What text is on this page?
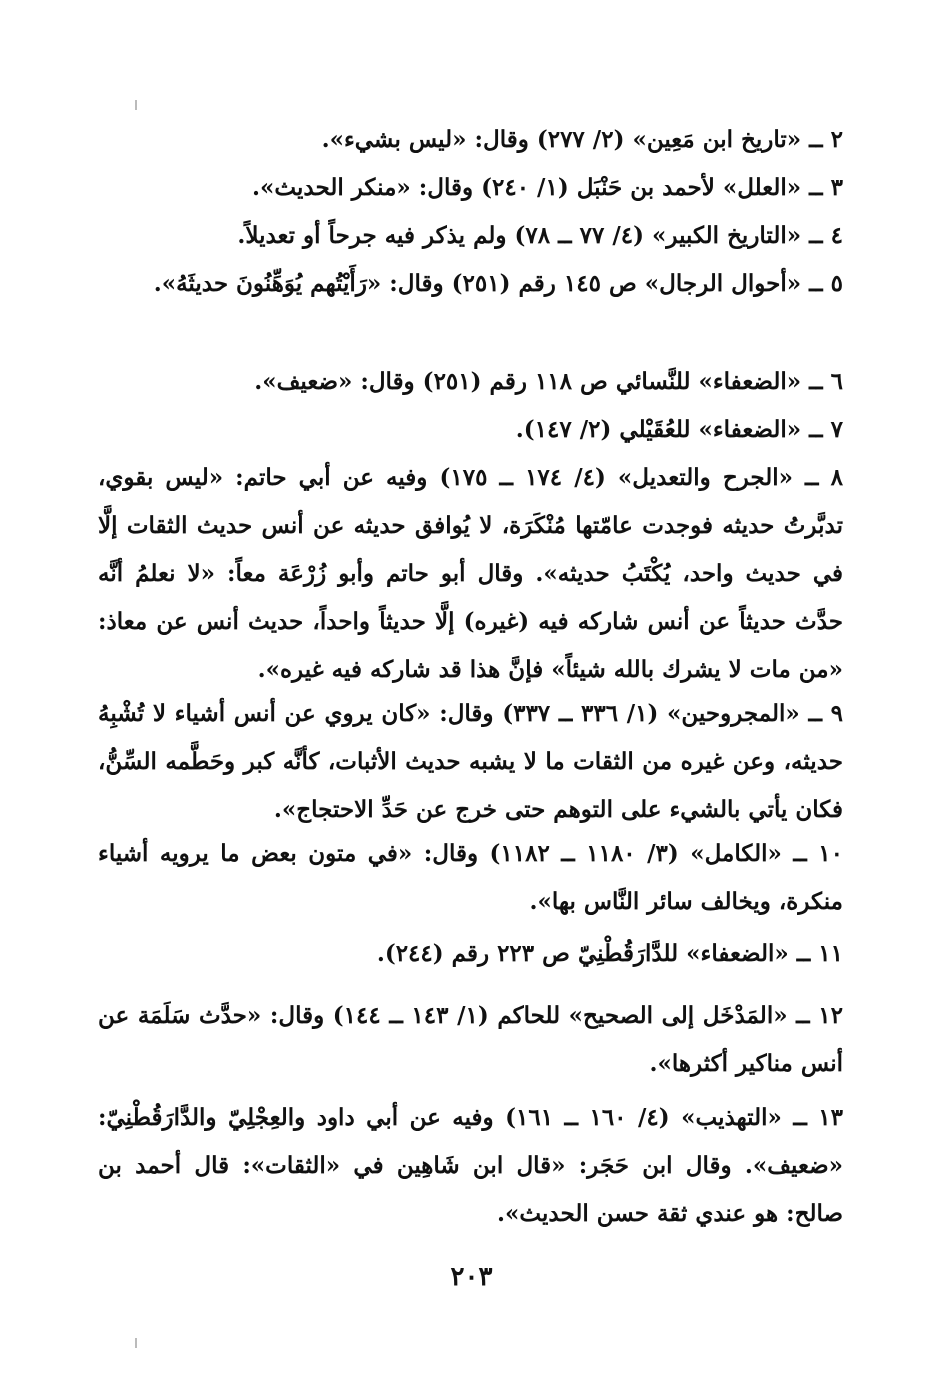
٢ ــ «تاريخ ابن مَعِين» (٢/ ٢٧٧) وقال: «ليس بشيء».

٣ ــ «العلل» لأحمد بن حَنْبَل (١/ ٢٤٠) وقال: «منكر الحديث».

٤ ــ «التاريخ الكبير» (٤/ ٧٧ ــ ٧٨) ولم يذكر فيه جرحاً أو تعديلاً.

٥ ــ «أحوال الرجال» ص ١٤٥ رقم (٢٥١) وقال: «رَأَيْتُهم يُوَهِّنُونَ حديثَهُ».

٦ ــ «الضعفاء» للنَّسائي ص ١١٨ رقم (٢٥١) وقال: «ضعيف».

٧ ــ «الضعفاء» للعُقَيْلي (٢/ ١٤٧).

٨ ــ «الجرح والتعديل» (٤/ ١٧٤ ــ ١٧٥) وفيه عن أبي حاتم: «ليس بقوي، تدبَّرتُ حديثه فوجدت عامّتها مُنْكَرَة، لا يُوافق حديثه عن أنس حديث الثقات إلَّا في حديث واحد، يُكْتَبُ حديثه». وقال أبو حاتم وأبو زُرْعَة معاً: «لا نعلمُ أنَّه حدَّث حديثاً عن أنس شاركه فيه (غيره) إلَّا حديثاً واحداً، حديث أنس عن معاذ: «من مات لا يشرك بالله شيئاً» فإنَّ هذا قد شاركه فيه غيره».

٩ ــ «المجروحين» (١/ ٣٣٦ ــ ٣٣٧) وقال: «كان يروي عن أنس أشياء لا تُشْبِهُ حديثه، وعن غيره من الثقات ما لا يشبه حديث الأثبات، كأنَّه كبر وحَطَّمه السِّنُّ، فكان يأتي بالشيء على التوهم حتى خرج عن حَدِّ الاحتجاج».

١٠ ــ «الكامل» (٣/ ١١٨٠ ــ ١١٨٢) وقال: «في متون بعض ما يرويه أشياء منكرة، ويخالف سائر النَّاس بها».

١١ ــ «الضعفاء» للدَّارَقُطْنِيّ ص ٢٢٣ رقم (٢٤٤).

١٢ ــ «المَدْخَل إلى الصحيح» للحاكم (١/ ١٤٣ ــ ١٤٤) وقال: «حدَّث سَلَمَة عن أنس مناكير أكثرها».

١٣ ــ «التهذيب» (٤/ ١٦٠ ــ ١٦١) وفيه عن أبي داود والعِجْلِيّ والدَّارَقُطْنِيّ: «ضعيف». وقال ابن حَجَر: «قال ابن شَاهِين في «الثقات»: قال أحمد بن صالح: هو عندي ثقة حسن الحديث».

٢٠٣
